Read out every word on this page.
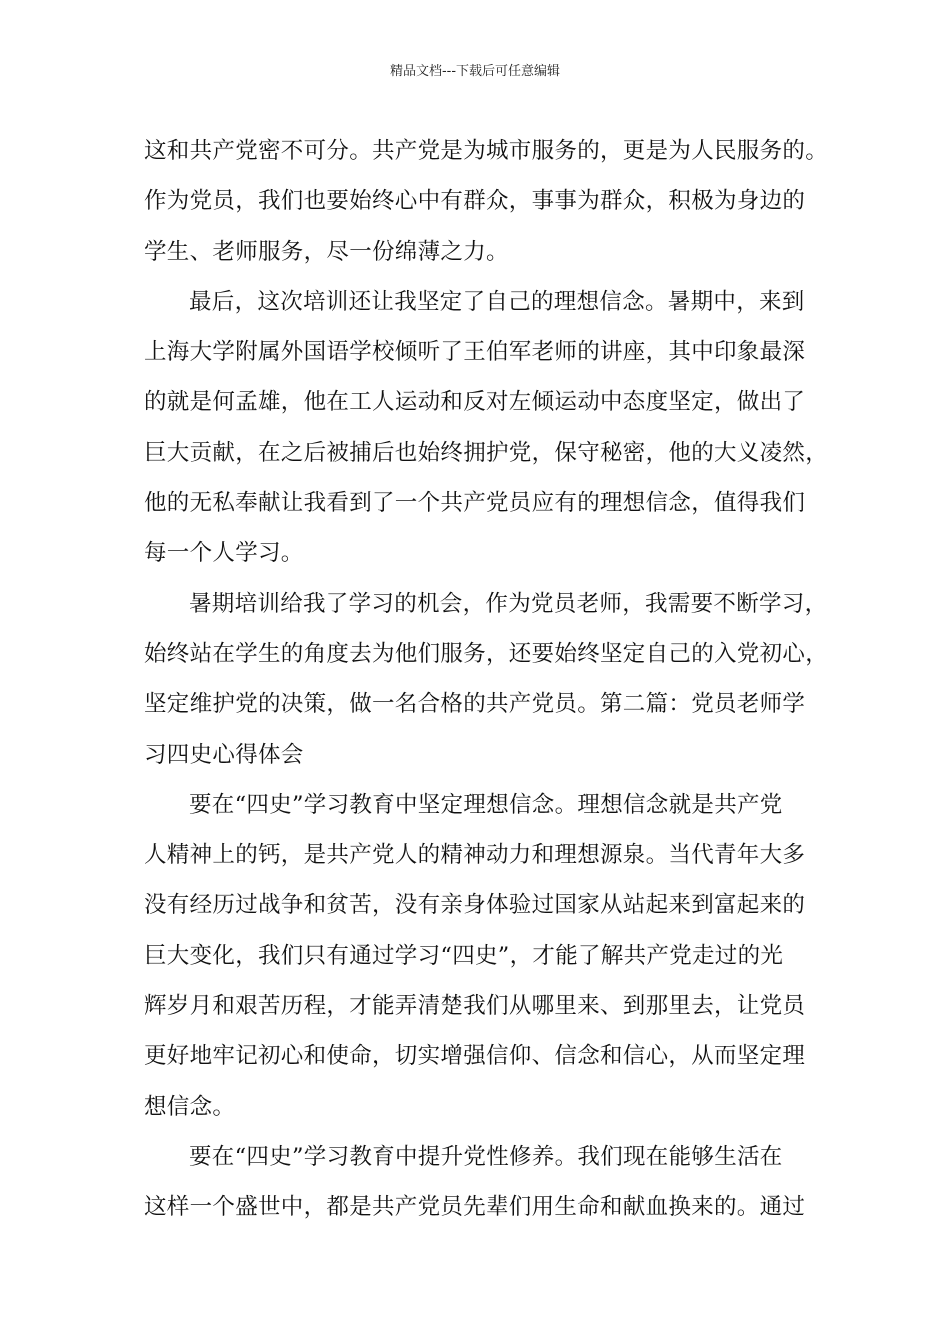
精品文档---下载后可任意编辑
这和共产党密不可分。共产党是为城市服务的，更是为人民服务的。
作为党员，我们也要始终心中有群众，事事为群众，积极为身边的
学生、老师服务，尽一份绵薄之力。
最后，这次培训还让我坚定了自己的理想信念。暑期中，来到
上海大学附属外国语学校倾听了王伯军老师的讲座，其中印象最深
的就是何孟雄，他在工人运动和反对左倾运动中态度坚定，做出了
巨大贡献，在之后被捕后也始终拥护党，保守秘密，他的大义凌然，
他的无私奉献让我看到了一个共产党员应有的理想信念，值得我们
每一个人学习。
暑期培训给我了学习的机会，作为党员老师，我需要不断学习，
始终站在学生的角度去为他们服务，还要始终坚定自己的入党初心，
坚定维护党的决策，做一名合格的共产党员。第二篇：党员老师学
习四史心得体会
要在“四史”学习教育中坚定理想信念。理想信念就是共产党
人精神上的钙，是共产党人的精神动力和理想源泉。当代青年大多
没有经历过战争和贫苦，没有亲身体验过国家从站起来到富起来的
巨大变化，我们只有通过学习“四史”，才能了解共产党走过的光
辉岁月和艰苦历程，才能弄清楚我们从哪里来、到那里去，让党员
更好地牢记初心和使命，切实增强信仰、信念和信心，从而坚定理
想信念。
要在“四史”学习教育中提升党性修养。我们现在能够生活在
这样一个盛世中，都是共产党员先辈们用生命和献血换来的。通过
